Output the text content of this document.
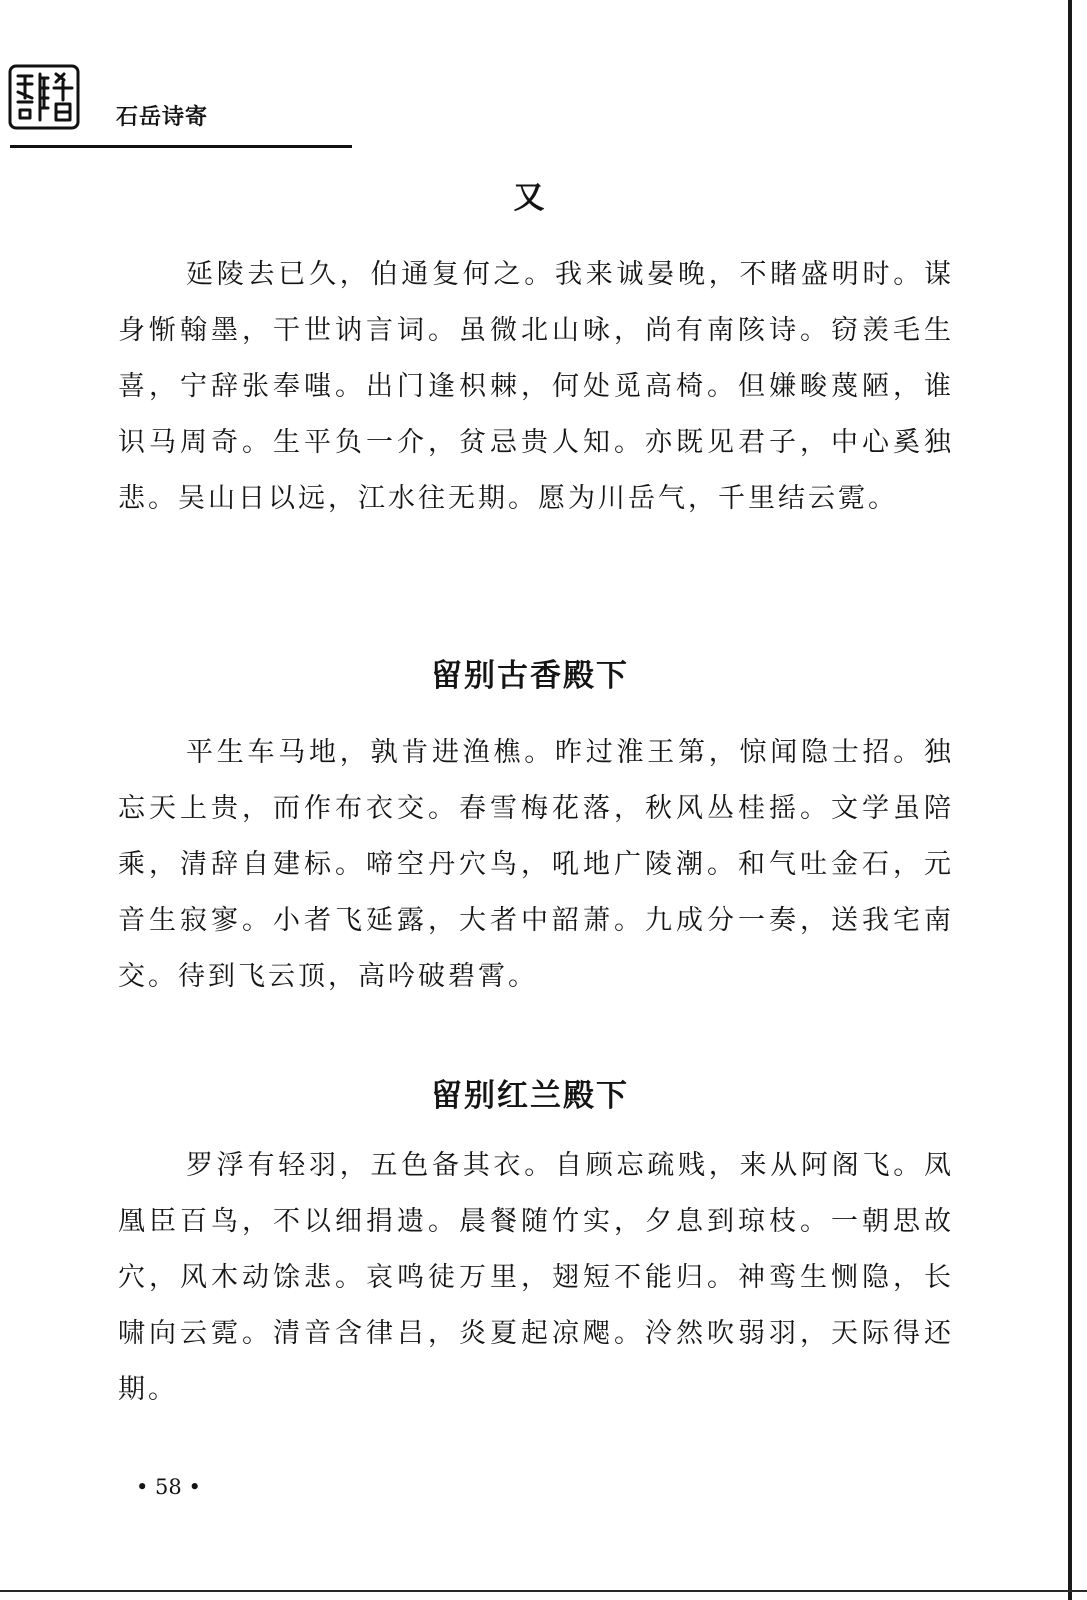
石岳诗寄
又

延陵去已久，伯通复何之。我来诚晏晚，不睹盛明时。谋身惭翰墨，干世讷言词。虽微北山咏，尚有南陔诗。窃羡毛生喜，宁辞张奉嗤。出门逢枳棘，何处觅高椅。但嫌畯蔑陋，谁识马周奇。生平负一介，贫忌贵人知。亦既见君子，中心奚独悲。吴山日以远，江水往无期。愿为川岳气，千里结云霓。

留别古香殿下

平生车马地，孰肯进渔樵。昨过淮王第，惊闻隐士招。独忘天上贵，而作布衣交。春雪梅花落，秋风丛桂摇。文学虽陪乘，清辞自建标。啼空丹穴鸟，吼地广陵潮。和气吐金石，元音生寂寥。小者飞延露，大者中韶萧。九成分一奏，送我宅南交。待到飞云顶，高吟破碧霄。

留别红兰殿下

罗浮有轻羽，五色备其衣。自顾忘疏贱，来从阿阁飞。凤凰臣百鸟，不以细捐遗。晨餐随竹实，夕息到琼枝。一朝思故穴，风木动馀悲。哀鸣徒万里，翅短不能归。神鸾生恻隐，长啸向云霓。清音含律吕，炎夏起凉飔。泠然吹弱羽，天际得还期。

• 58 •
